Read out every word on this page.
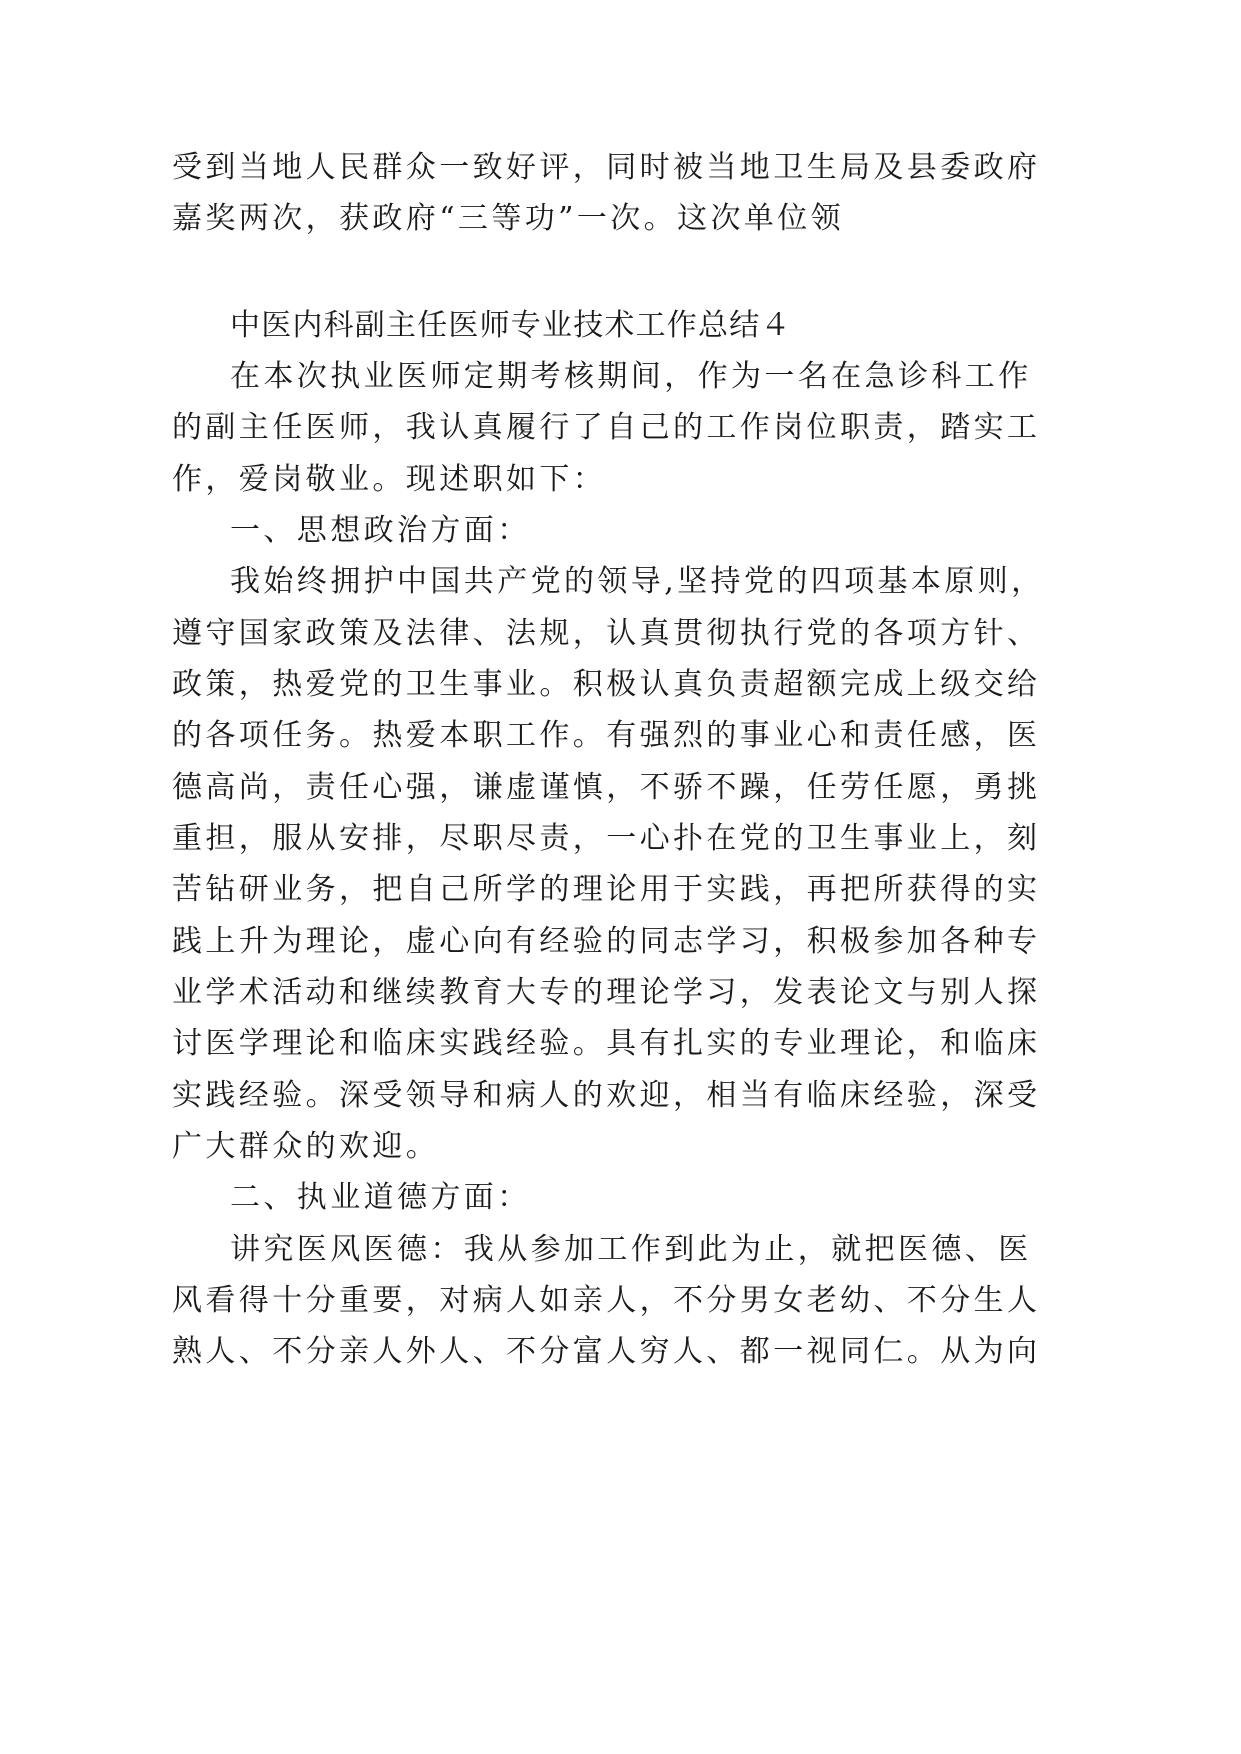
受到当地人民群众一致好评，同时被当地卫生局及县委政府
嘉奖两次，获政府“三等功”一次。这次单位领
中医内科副主任医师专业技术工作总结４
在本次执业医师定期考核期间，作为一名在急诊科工作
的副主任医师，我认真履行了自己的工作岗位职责，踏实工
作，爱岗敬业。现述职如下：
一、思想政治方面：
我始终拥护中国共产党的领导,坚持党的四项基本原则，
遵守国家政策及法律、法规，认真贯彻执行党的各项方针、
政策，热爱党的卫生事业。积极认真负责超额完成上级交给
的各项任务。热爱本职工作。有强烈的事业心和责任感，医
德高尚，责任心强，谦虚谨慎，不骄不躁，任劳任愿，勇挑
重担，服从安排，尽职尽责，一心扑在党的卫生事业上，刻
苦钻研业务，把自己所学的理论用于实践，再把所获得的实
践上升为理论，虚心向有经验的同志学习，积极参加各种专
业学术活动和继续教育大专的理论学习，发表论文与别人探
讨医学理论和临床实践经验。具有扎实的专业理论，和临床
实践经验。深受领导和病人的欢迎，相当有临床经验，深受
广大群众的欢迎。
二、执业道德方面：
讲究医风医德：我从参加工作到此为止，就把医德、医
风看得十分重要，对病人如亲人，不分男女老幼、不分生人
熟人、不分亲人外人、不分富人穷人、都一视同仁。从为向
